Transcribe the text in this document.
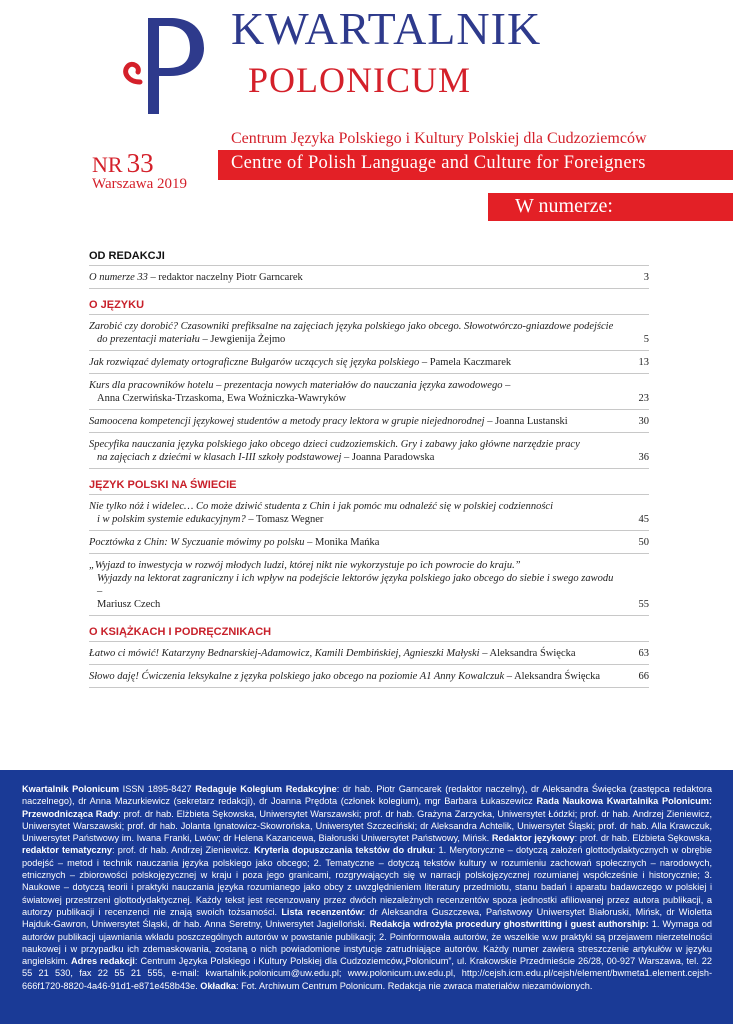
KWARTALNIK
POLONICUM
Centrum Języka Polskiego i Kultury Polskiej dla Cudzoziemców
Centre of Polish Language and Culture for Foreigners
NR 33
Warszawa 2019
W numerze:
OD REDAKCJI
O numerze 33 – redaktor naczelny Piotr Garncarek	3
O JĘZYKU
Zarobić czy dorobić? Czasowniki prefiksalne na zajęciach języka polskiego jako obcego. Słowotwórczo-gniazdowe podejście
do prezentacji materiału – Jewgienija Żejmo	5
Jak rozwiązać dylematy ortograficzne Bułgarów uczących się języka polskiego – Pamela Kaczmarek	13
Kurs dla pracowników hotelu – prezentacja nowych materiałów do nauczania języka zawodowego –
Anna Czerwińska-Trzaskoma, Ewa Woźniczka-Wawryków	23
Samoocena kompetencji językowej studentów a metody pracy lektora w grupie niejednorodnej – Joanna Lustanski	30
Specyfika nauczania języka polskiego jako obcego dzieci cudzoziemskich. Gry i zabawy jako główne narzędzie pracy
na zajęciach z dziećmi w klasach I-III szkoły podstawowej – Joanna Paradowska	36
JĘZYK POLSKI NA ŚWIECIE
Nie tylko nóż i widelec… Co może dziwić studenta z Chin i jak pomóc mu odnaleźć się w polskiej codzienności
i w polskim systemie edukacyjnym? – Tomasz Wegner	45
Pocztówka z Chin: W Syczuanie mówimy po polsku – Monika Mańka	50
„Wyjazd to inwestycja w rozwój młodych ludzi, której nikt nie wykorzystuje po ich powrocie do kraju.”
Wyjazdy na lektorat zagraniczny i ich wpływ na podejście lektorów języka polskiego jako obcego do siebie i swego zawodu –
Mariusz Czech	55
O KSIĄŻKACH I PODRĘCZNIKACH
Łatwo ci mówić! Katarzyny Bednarskiej-Adamowicz, Kamili Dembińskiej, Agnieszki Małyski – Aleksandra Święcka	63
Słowo daję! Ćwiczenia leksykalne z języka polskiego jako obcego na poziomie A1 Anny Kowalczuk – Aleksandra Święcka	66
Kwartalnik Polonicum ISSN 1895-8427 Redaguje Kolegium Redakcyjne: dr hab. Piotr Garncarek (redaktor naczelny), dr Aleksandra Święcka (zastępca redaktora naczelnego), dr Anna Mazurkiewicz (sekretarz redakcji), dr Joanna Prędota (członek kolegium), mgr Barbara Łukaszewicz Rada Naukowa Kwartalnika Polonicum: Przewodnicząca Rady: prof. dr hab. Elżbieta Sękowska, Uniwersytet Warszawski; prof. dr hab. Grażyna Zarzycka, Uniwersytet Łódzki; prof. dr hab. Andrzej Zieniewicz, Uniwersytet Warszawski; prof. dr hab. Jolanta Ignatowicz-Skowrońska, Uniwersytet Szczeciński; dr Aleksandra Achtelik, Uniwersytet Śląski; prof. dr hab. Alla Krawczuk, Uniwersytet Państwowy im. Iwana Franki, Lwów; dr Helena Kazancewa, Białoruski Uniwersytet Państwowy, Mińsk. Redaktor językowy: prof. dr hab. Elżbieta Sękowska, redaktor tematyczny: prof. dr hab. Andrzej Zieniewicz. Kryteria dopuszczania tekstów do druku: 1. Merytoryczne – dotyczą założeń glottodydaktycznych w obrębie podejść – metod i technik nauczania języka polskiego jako obcego; 2. Tematyczne – dotyczą tekstów kultury w rozumieniu zachowań społecznych – narodowych, etnicznych – zbiorowości polskojęzycznej w kraju i poza jego granicami, rozgrywających się w narracji polskojęzycznej rozumianej współcześnie i historycznie; 3. Naukowe – dotyczą teorii i praktyki nauczania języka rozumianego jako obcy z uwzględnieniem literatury przedmiotu, stanu badań i aparatu badawczego w polskiej i światowej przestrzeni glottodydaktycznej. Każdy tekst jest recenzowany przez dwóch niezależnych recenzentów spoza jednostki afiliowanej przez autora publikacji, a autorzy publikacji i recenzenci nie znają swoich tożsamości. Lista recenzentów: dr Aleksandra Guszczewa, Państwowy Uniwersytet Białoruski, Mińsk, dr Wioletta Hajduk-Gawron, Uniwersytet Śląski, dr hab. Anna Seretny, Uniwersytet Jagielloński. Redakcja wdrożyła procedury ghostwritting i guest authorship: 1. Wymaga od autorów publikacji ujawniania wkładu poszczególnych autorów w powstanie publikacji; 2. Poinformowała autorów, że wszelkie w.w praktyki są przejawem nierzetelności naukowej i w przypadku ich zdemaskowania, zostaną o nich powiadomione instytucje zatrudniające autorów. Każdy numer zawiera streszczenie artykułów w języku angielskim. Adres redakcji: Centrum Języka Polskiego i Kultury Polskiej dla Cudzoziemców„Polonicum”, ul. Krakowskie Przedmieście 26/28, 00-927 Warszawa, tel. 22 55 21 530, fax 22 55 21 555, e-mail: kwartalnik.polonicum@uw.edu.pl; www.polonicum.uw.edu.pl, http://cejsh.icm.edu.pl/cejsh/element/bwmeta1.element.cejsh-666f1720-8820-4a46-91d1-e871e458b43e. Okładka: Fot. Archiwum Centrum Polonicum. Redakcja nie zwraca materiałów niezamówionych.
